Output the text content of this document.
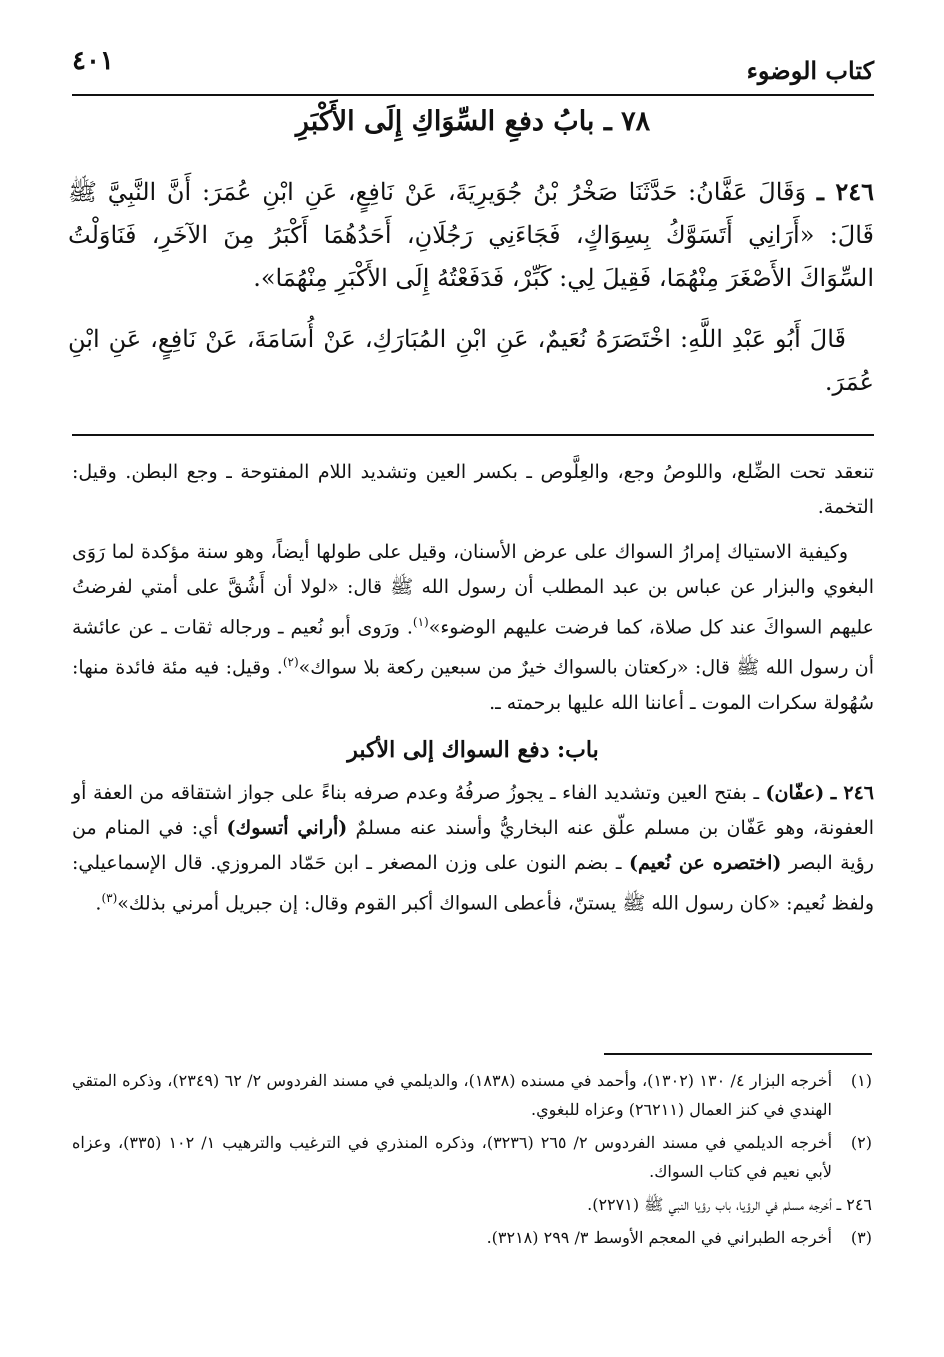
كتاب الوضوء
٤٠١
٧٨ ـ بابُ دفعِ السِّوَاكِ إِلَى الأَكْبَرِ
٢٤٦ ـ وَقَالَ عَفَّانُ: حَدَّثَنَا صَخْرُ بْنُ جُوَيرِيَةَ، عَنْ نَافِعٍ، عَنِ ابْنِ عُمَرَ: أَنَّ النَّبِيَّ ﷺ قَالَ: «أَرَانِي أَتَسَوَّكُ بِسِوَاكٍ، فَجَاءَنِي رَجُلَانِ، أَحَدُهُمَا أَكْبَرُ مِنَ الآخَرِ، فَنَاوَلْتُ السِّوَاكَ الأَصْغَرَ مِنْهُمَا، فَقِيلَ لِي: كَبِّرْ، فَدَفَعْتُهُ إِلَى الأَكْبَرِ مِنْهُمَا».
قَالَ أَبُو عَبْدِ اللَّهِ: اخْتَصَرَهُ نُعَيمٌ، عَنِ ابْنِ المُبَارَكِ، عَنْ أُسَامَةَ، عَنْ نَافِعٍ، عَنِ ابْنِ عُمَرَ.

تنعقد تحت الضِّلع، واللوصُ وجع، والعِلَّوص ـ بكسر العين وتشديد اللام المفتوحة ـ وجع البطن. وقيل: التخمة.

وكيفية الاستياك إمرارُ السواك على عرض الأسنان، وقيل على طولها أيضاً، وهو سنة مؤكدة لما رَوَى البغوي والبزار عن عباس بن عبد المطلب أن رسول الله ﷺ قال: «لولا أن أَشُقَّ على أمتي لفرضتُ عليهم السواكَ عند كل صلاة، كما فرضت عليهم الوضوء»$^{(١)}$. ورَوى أبو نُعيم ـ ورجاله ثقات ـ عن عائشة أن رسول الله ﷺ قال: «ركعتان بالسواك خيرٌ من سبعين ركعة بلا سواك»$^{(٢)}$. وقيل: فيه مئة فائدة منها: سُهُولة سكرات الموت ـ أعاننا الله عليها برحمته ـ.

باب: دفع السواك إلى الأكبر

٢٤٦ ـ (عفّان) ـ بفتح العين وتشديد الفاء ـ يجوزُ صرفُهُ وعدم صرفه بناءً على جواز اشتقاقه من العفة أو العفونة، وهو عَفّان بن مسلم علّق عنه البخاريُّ وأسند عنه مسلمٌ (أراني أتسوك) أي: في المنام من رؤية البصر (اختصره عن نُعيم) ـ بضم النون على وزن المصغر ـ ابن حَمّاد المروزي. قال الإسماعيلي: ولفظ نُعيم: «كان رسول الله ﷺ يستنّ، فأعطى السواك أكبر القوم وقال: إن جبريل أمرني بذلك»$^{(٣)}$.

(١)
أخرجه البزار ٤/ ١٣٠ (١٣٠٢)، وأحمد في مسنده (١٨٣٨)، والديلمي في مسند الفردوس ٢/ ٦٢ (٢٣٤٩)، وذكره المتقي الهندي في كنز العمال (٢٦٢١١) وعزاه للبغوي.
(٢)
أخرجه الديلمي في مسند الفردوس ٢/ ٢٦٥ (٣٢٣٦)، وذكره المنذري في الترغيب والترهيب ١/ ١٠٢ (٣٣٥)، وعزاه لأبي نعيم في كتاب السواك.
٢٤٦ ـ
أخرجه مسلم في الرؤيا، باب رؤيا النبي ﷺ (٢٢٧١).
(٣)
أخرجه الطبراني في المعجم الأوسط ٣/ ٢٩٩ (٣٢١٨).
